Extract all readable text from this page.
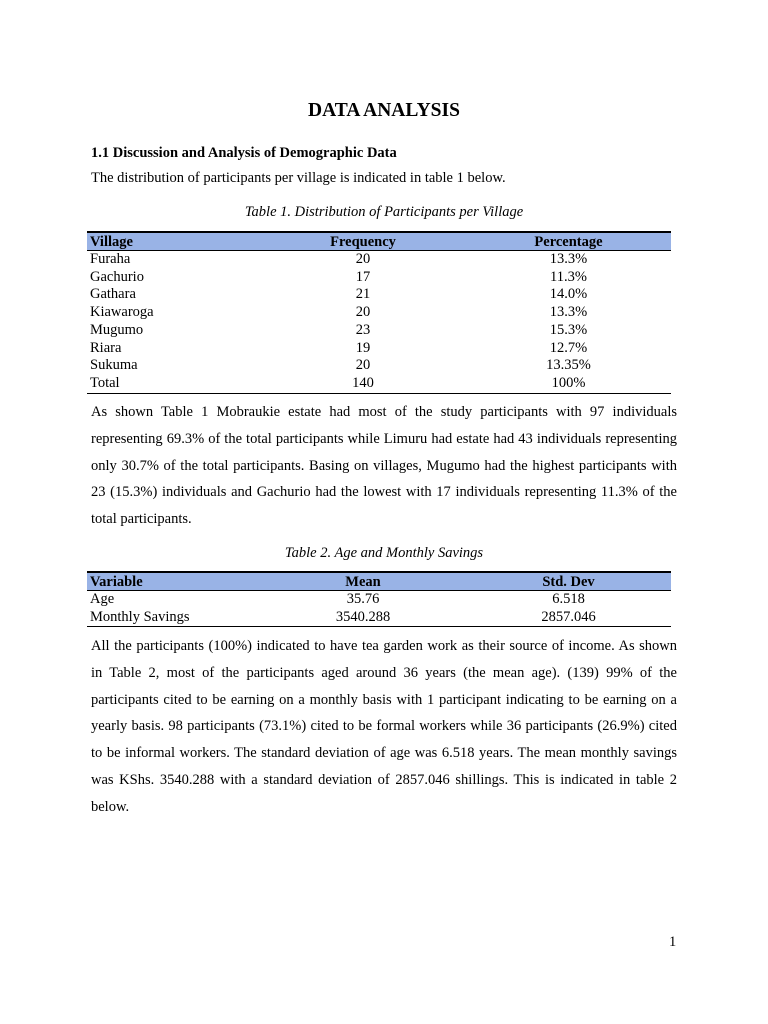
DATA ANALYSIS
1.1 Discussion and Analysis of Demographic Data
The distribution of participants per village is indicated in table 1 below.
Table 1. Distribution of Participants per Village
Village	Frequency	Percentage
Furaha	20	13.3%
Gachurio	17	11.3%
Gathara	21	14.0%
Kiawaroga	20	13.3%
Mugumo	23	15.3%
Riara	19	12.7%
Sukuma	20	13.35%
Total	140	100%
As shown Table 1 Mobraukie estate had most of the study participants with 97 individuals representing 69.3% of the total participants while Limuru had estate had 43 individuals representing only 30.7% of the total participants. Basing on villages, Mugumo had the highest participants with 23 (15.3%) individuals and Gachurio had the lowest with 17 individuals representing 11.3% of the total participants.
Table 2. Age and Monthly Savings
Variable	Mean	Std. Dev
Age	35.76	6.518
Monthly Savings	3540.288	2857.046
All the participants (100%) indicated to have tea garden work as their source of income. As shown in Table 2, most of the participants aged around 36 years (the mean age). (139) 99% of the participants cited to be earning on a monthly basis with 1 participant indicating to be earning on a yearly basis. 98 participants (73.1%) cited to be formal workers while 36 participants (26.9%) cited to be informal workers. The standard deviation of age was 6.518 years. The mean monthly savings was KShs. 3540.288 with a standard deviation of 2857.046 shillings. This is indicated in table 2 below.
1
